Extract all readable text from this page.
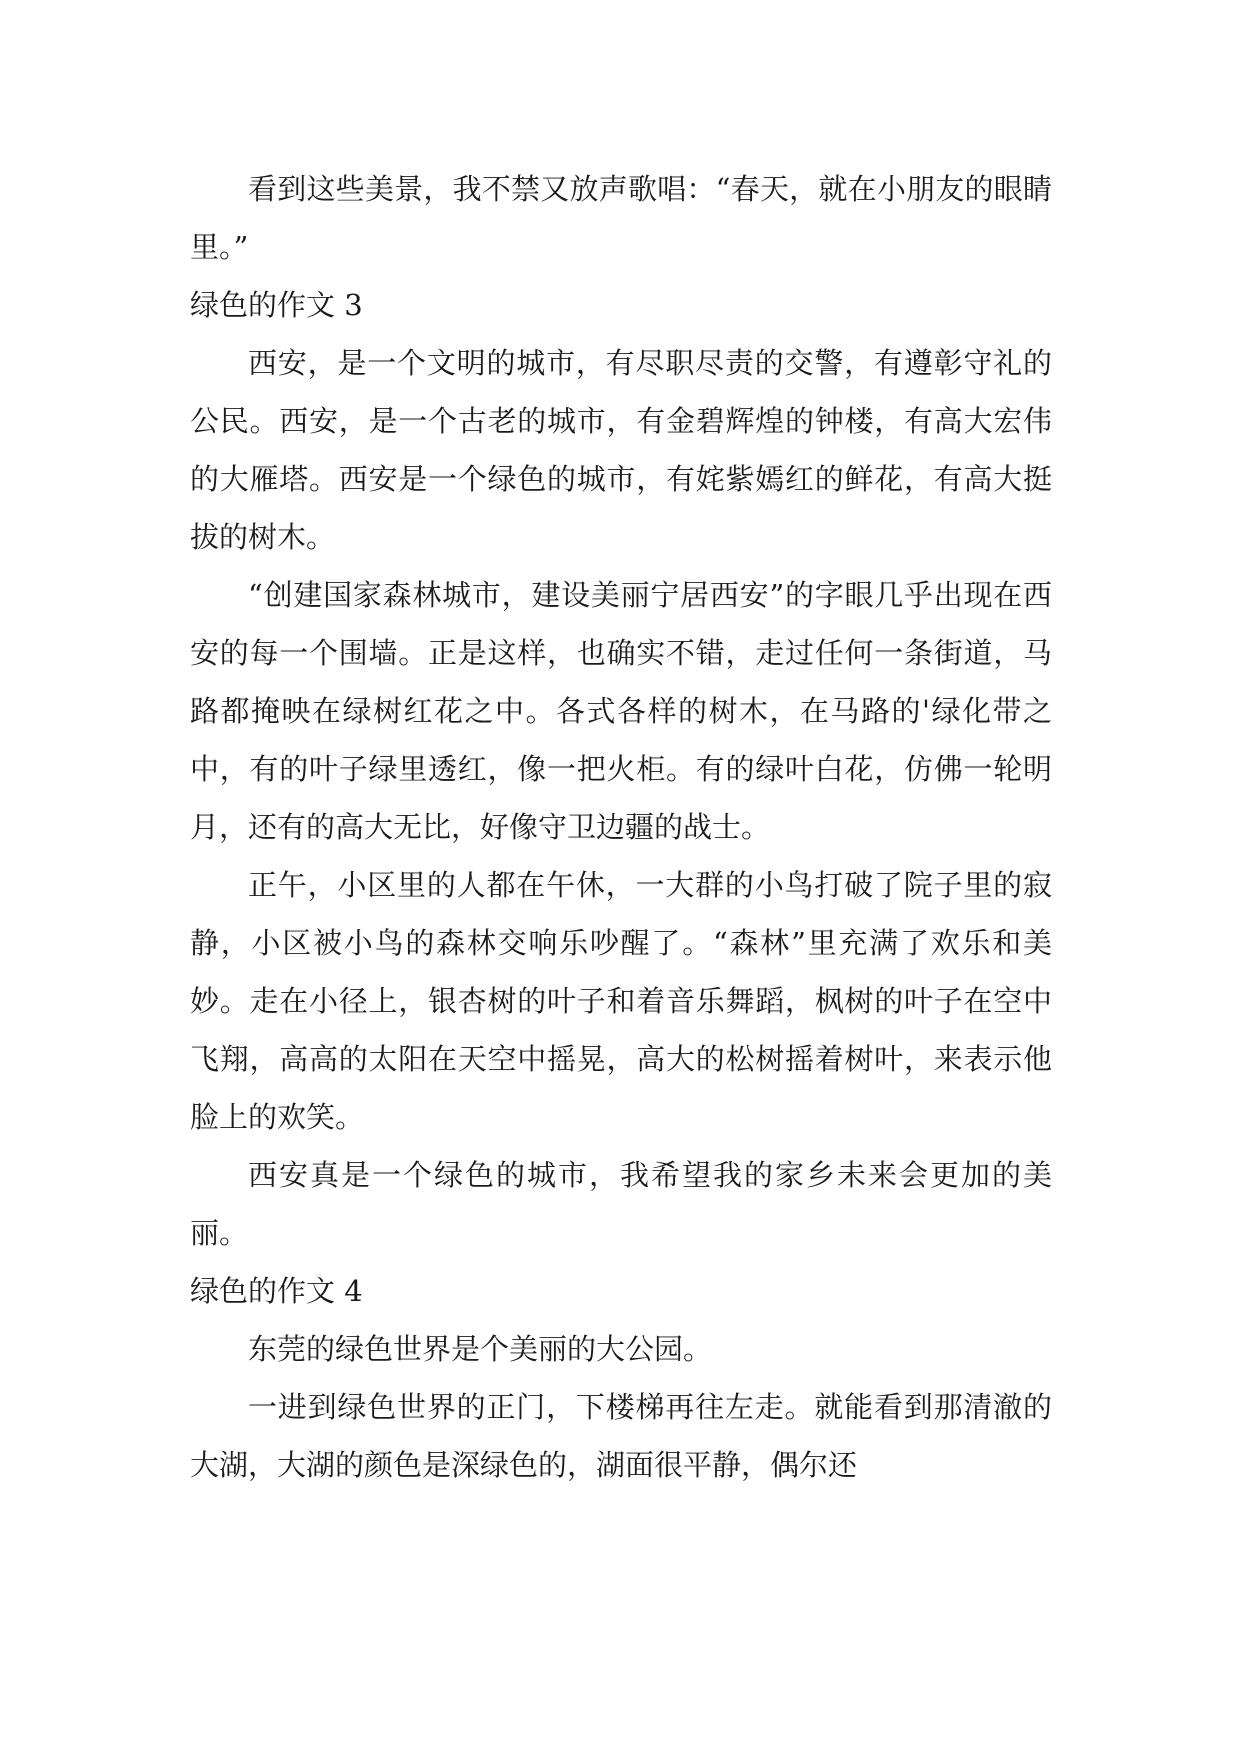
看到这些美景，我不禁又放声歌唱：“春天，就在小朋友的眼睛里。”

绿色的作文 3

西安，是一个文明的城市，有尽职尽责的交警，有遵彰守礼的公民。西安，是一个古老的城市，有金碧辉煌的钟楼，有高大宏伟的大雁塔。西安是一个绿色的城市，有姹紫嫣红的鲜花，有高大挺拔的树木。

“创建国家森林城市，建设美丽宁居西安”的字眼几乎出现在西安的每一个围墙。正是这样，也确实不错，走过任何一条街道，马路都掩映在绿树红花之中。各式各样的树木，在马路的'绿化带之中，有的叶子绿里透红，像一把火柜。有的绿叶白花，仿佛一轮明月，还有的高大无比，好像守卫边疆的战士。

正午，小区里的人都在午休，一大群的小鸟打破了院子里的寂静，小区被小鸟的森林交响乐吵醒了。“森林”里充满了欢乐和美妙。走在小径上，银杏树的叶子和着音乐舞蹈，枫树的叶子在空中飞翔，高高的太阳在天空中摇晃，高大的松树摇着树叶，来表示他脸上的欢笑。

西安真是一个绿色的城市，我希望我的家乡未来会更加的美丽。

绿色的作文 4

东莞的绿色世界是个美丽的大公园。

一进到绿色世界的正门，下楼梯再往左走。就能看到那清澈的大湖，大湖的颜色是深绿色的，湖面很平静，偶尔还
